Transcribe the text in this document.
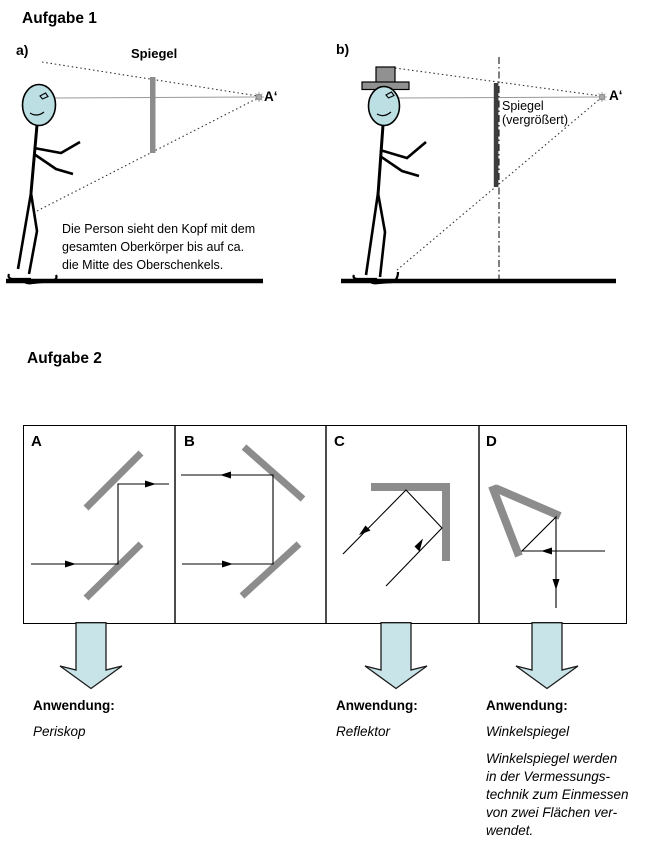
Aufgabe 1
a)	b)
Spiegel
A‘
Die Person sieht den Kopf mit dem
gesamten Oberkörper bis auf ca.
die Mitte des Oberschenkels.
Spiegel
(vergrößert)
A‘
Aufgabe 2
A	B	C	D
Anwendung:
Periskop
Anwendung:
Reflektor
Anwendung:
Winkelspiegel
Winkelspiegel werden
in der Vermessungs-
technik zum Einmessen
von zwei Flächen ver-
wendet.
